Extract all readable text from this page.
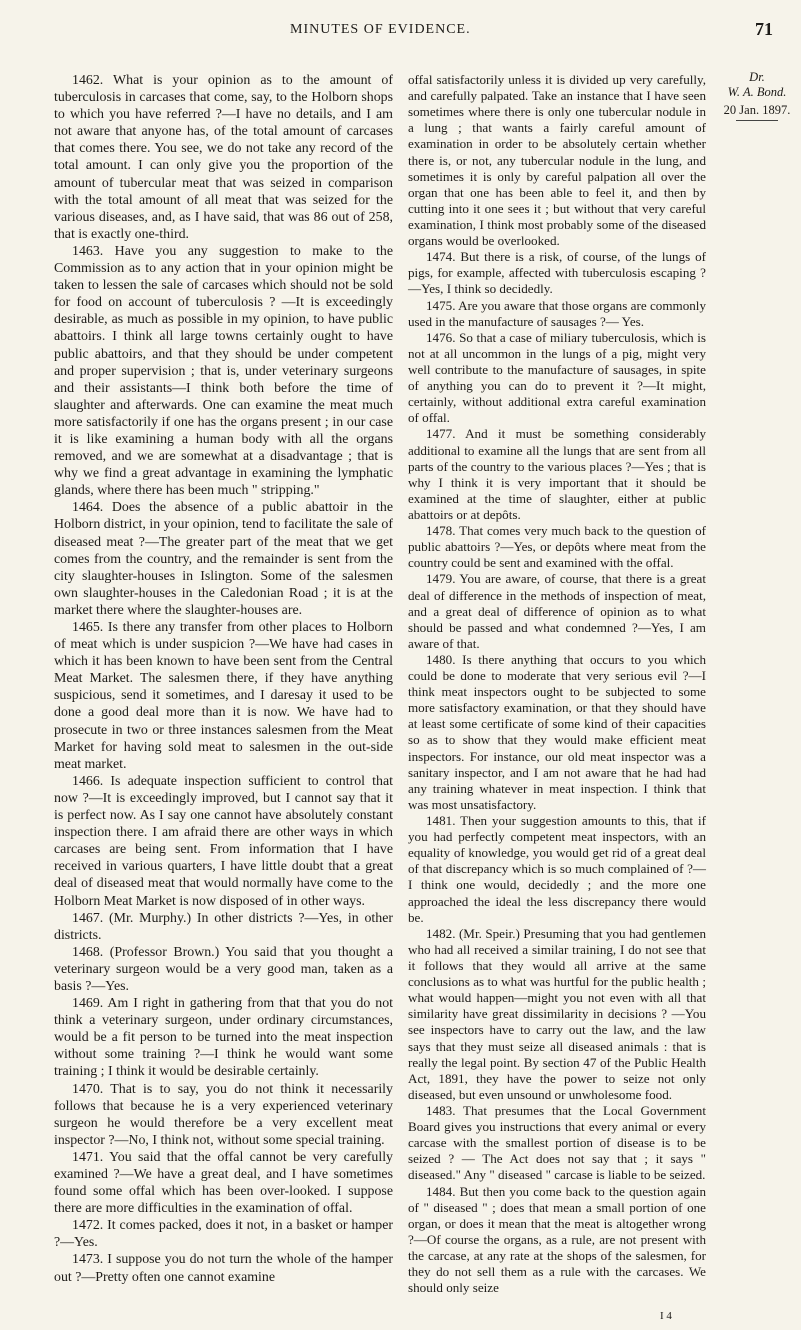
MINUTES OF EVIDENCE.	71
Dr.
W. A. Bond.
20 Jan. 1897.

1462. What is your opinion as to the amount of tuberculosis in carcases that come, say, to the Holborn shops to which you have referred ?—I have no details, and I am not aware that anyone has, of the total amount of carcases that comes there. You see, we do not take any record of the total amount. I can only give you the proportion of the amount of tubercular meat that was seized in comparison with the total amount of all meat that was seized for the various diseases, and, as I have said, that was 86 out of 258, that is exactly one-third.

1463. Have you any suggestion to make to the Commission as to any action that in your opinion might be taken to lessen the sale of carcases which should not be sold for food on account of tuberculosis ? —It is exceedingly desirable, as much as possible in my opinion, to have public abattoirs. I think all large towns certainly ought to have public abattoirs, and that they should be under competent and proper supervision ; that is, under veterinary surgeons and their assistants—I think both before the time of slaughter and afterwards. One can examine the meat much more satisfactorily if one has the organs present ; in our case it is like examining a human body with all the organs removed, and we are somewhat at a disadvantage ; that is why we find a great advantage in examining the lymphatic glands, where there has been much " stripping."

1464. Does the absence of a public abattoir in the Holborn district, in your opinion, tend to facilitate the sale of diseased meat ?—The greater part of the meat that we get comes from the country, and the remainder is sent from the city slaughter-houses in Islington. Some of the salesmen own slaughter-houses in the Caledonian Road ; it is at the market there where the slaughter-houses are.

1465. Is there any transfer from other places to Holborn of meat which is under suspicion ?—We have had cases in which it has been known to have been sent from the Central Meat Market. The salesmen there, if they have anything suspicious, send it sometimes, and I daresay it used to be done a good deal more than it is now. We have had to prosecute in two or three instances salesmen from the Meat Market for having sold meat to salesmen in the out-side meat market.

1466. Is adequate inspection sufficient to control that now ?—It is exceedingly improved, but I cannot say that it is perfect now. As I say one cannot have absolutely constant inspection there. I am afraid there are other ways in which carcases are being sent. From information that I have received in various quarters, I have little doubt that a great deal of diseased meat that would normally have come to the Holborn Meat Market is now disposed of in other ways.

1467. (Mr. Murphy.) In other districts ?—Yes, in other districts.

1468. (Professor Brown.) You said that you thought a veterinary surgeon would be a very good man, taken as a basis ?—Yes.

1469. Am I right in gathering from that that you do not think a veterinary surgeon, under ordinary circumstances, would be a fit person to be turned into the meat inspection without some training ?—I think he would want some training ; I think it would be desirable certainly.

1470. That is to say, you do not think it necessarily follows that because he is a very experienced veterinary surgeon he would therefore be a very excellent meat inspector ?—No, I think not, without some special training.

1471. You said that the offal cannot be very carefully examined ?—We have a great deal, and I have sometimes found some offal which has been over-looked. I suppose there are more difficulties in the examination of offal.

1472. It comes packed, does it not, in a basket or hamper ?—Yes.

1473. I suppose you do not turn the whole of the hamper out ?—Pretty often one cannot examine

offal satisfactorily unless it is divided up very carefully, and carefully palpated. Take an instance that I have seen sometimes where there is only one tubercular nodule in a lung ; that wants a fairly careful amount of examination in order to be absolutely certain whether there is, or not, any tubercular nodule in the lung, and sometimes it is only by careful palpation all over the organ that one has been able to feel it, and then by cutting into it one sees it ; but without that very careful examination, I think most probably some of the diseased organs would be overlooked.

1474. But there is a risk, of course, of the lungs of pigs, for example, affected with tuberculosis escaping ? —Yes, I think so decidedly.

1475. Are you aware that those organs are commonly used in the manufacture of sausages ?— Yes.

1476. So that a case of miliary tuberculosis, which is not at all uncommon in the lungs of a pig, might very well contribute to the manufacture of sausages, in spite of anything you can do to prevent it ?—It might, certainly, without additional extra careful examination of offal.

1477. And it must be something considerably additional to examine all the lungs that are sent from all parts of the country to the various places ?—Yes ; that is why I think it is very important that it should be examined at the time of slaughter, either at public abattoirs or at depôts.

1478. That comes very much back to the question of public abattoirs ?—Yes, or depôts where meat from the country could be sent and examined with the offal.

1479. You are aware, of course, that there is a great deal of difference in the methods of inspection of meat, and a great deal of difference of opinion as to what should be passed and what condemned ?—Yes, I am aware of that.

1480. Is there anything that occurs to you which could be done to moderate that very serious evil ?—I think meat inspectors ought to be subjected to some more satisfactory examination, or that they should have at least some certificate of some kind of their capacities so as to show that they would make efficient meat inspectors. For instance, our old meat inspector was a sanitary inspector, and I am not aware that he had had any training whatever in meat inspection. I think that was most unsatisfactory.

1481. Then your suggestion amounts to this, that if you had perfectly competent meat inspectors, with an equality of knowledge, you would get rid of a great deal of that discrepancy which is so much complained of ?—I think one would, decidedly ; and the more one approached the ideal the less discrepancy there would be.

1482. (Mr. Speir.) Presuming that you had gentlemen who had all received a similar training, I do not see that it follows that they would all arrive at the same conclusions as to what was hurtful for the public health ; what would happen—might you not even with all that similarity have great dissimilarity in decisions ? —You see inspectors have to carry out the law, and the law says that they must seize all diseased animals : that is really the legal point. By section 47 of the Public Health Act, 1891, they have the power to seize not only diseased, but even unsound or unwholesome food.

1483. That presumes that the Local Government Board gives you instructions that every animal or every carcase with the smallest portion of disease is to be seized ? — The Act does not say that ; it says " diseased." Any " diseased " carcase is liable to be seized.

1484. But then you come back to the question again of " diseased " ; does that mean a small portion of one organ, or does it mean that the meat is altogether wrong ?—Of course the organs, as a rule, are not present with the carcase, at any rate at the shops of the salesmen, for they do not sell them as a rule with the carcases. We should only seize

I 4
